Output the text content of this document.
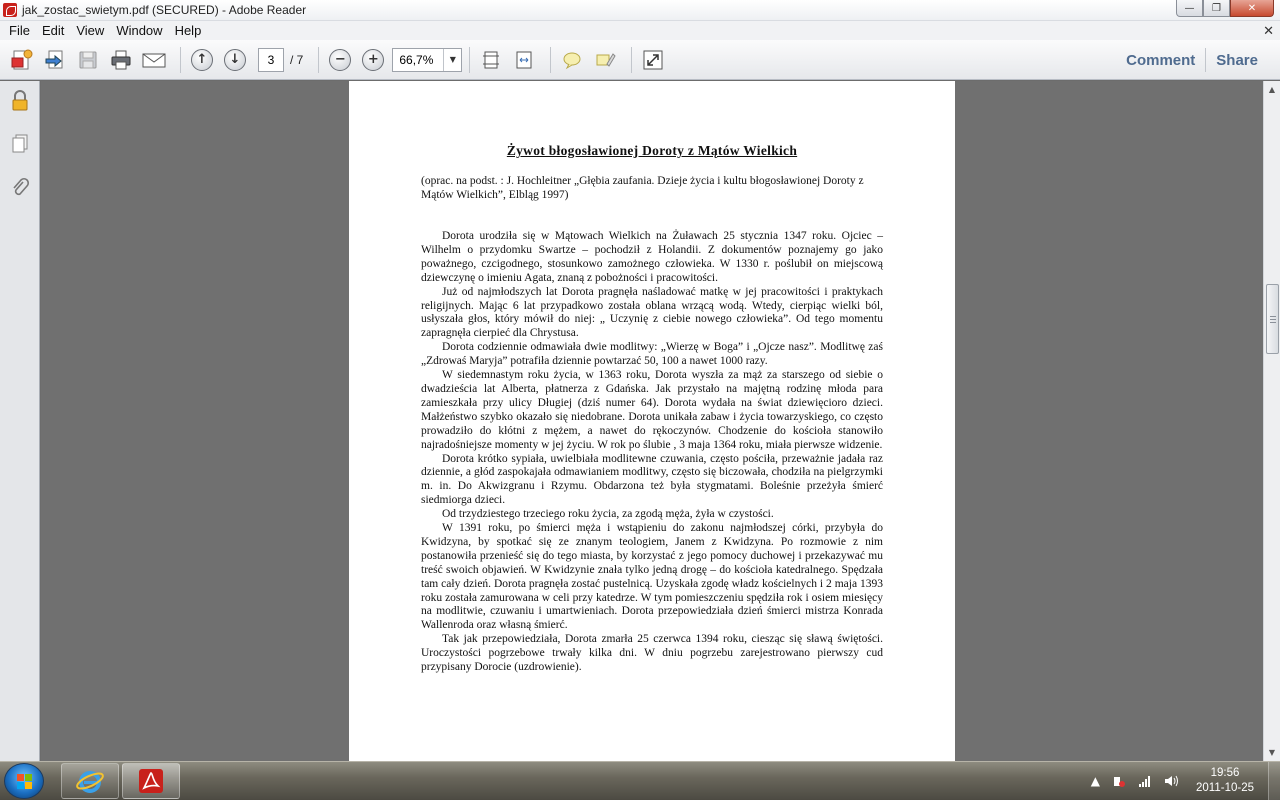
jak_zostac_swietym.pdf (SECURED) - Adobe Reader	—	❐	✕
File Edit View Window Help	✕
↑	↓	3	/ 7	−	+	66,7%	▼	Comment	Share
Żywot błogosławionej Doroty z Mątów Wielkich
(oprac. na podst. : J. Hochleitner „Głębia zaufania. Dzieje życia i kultu błogosławionej Doroty z Mątów Wielkich”, Elbląg 1997)

Dorota urodziła się w Mątowach Wielkich na Żuławach 25 stycznia 1347 roku. Ojciec – Wilhelm o przydomku Swartze – pochodził z Holandii. Z dokumentów poznajemy go jako poważnego, czcigodnego, stosunkowo zamożnego człowieka. W 1330 r. poślubił on miejscową dziewczynę o imieniu Agata, znaną z pobożności i pracowitości.

Już od najmłodszych lat Dorota pragnęła naśladować matkę w jej pracowitości i praktykach religijnych. Mając 6 lat przypadkowo została oblana wrzącą wodą. Wtedy, cierpiąc wielki ból, usłyszała głos, który mówił do niej: „ Uczynię z ciebie nowego człowieka”. Od tego momentu zapragnęła cierpieć dla Chrystusa.

Dorota codziennie odmawiała dwie modlitwy: „Wierzę w Boga” i „Ojcze nasz”. Modlitwę zaś „Zdrowaś Maryja” potrafiła dziennie powtarzać 50, 100 a nawet 1000 razy.

W siedemnastym roku życia, w 1363 roku, Dorota wyszła za mąż za starszego od siebie o dwadzieścia lat Alberta, płatnerza z Gdańska. Jak przystało na majętną rodzinę młoda para zamieszkała przy ulicy Długiej (dziś numer 64). Dorota wydała na świat dziewięcioro dzieci. Małżeństwo szybko okazało się niedobrane. Dorota unikała zabaw i życia towarzyskiego, co często prowadziło do kłótni z mężem, a nawet do rękoczynów. Chodzenie do kościoła stanowiło najradośniejsze momenty w jej życiu. W rok po ślubie , 3 maja 1364 roku, miała pierwsze widzenie.

Dorota krótko sypiała, uwielbiała modlitewne czuwania, często pościła, przeważnie jadała raz dziennie, a głód zaspokajała odmawianiem modlitwy, często się biczowała, chodziła na pielgrzymki m. in. Do Akwizgranu i Rzymu. Obdarzona też była stygmatami. Boleśnie przeżyła śmierć siedmiorga dzieci.

Od trzydziestego trzeciego roku życia, za zgodą męża, żyła w czystości.

W 1391 roku, po śmierci męża i wstąpieniu do zakonu najmłodszej córki, przybyła do Kwidzyna, by spotkać się ze znanym teologiem, Janem z Kwidzyna. Po rozmowie z nim postanowiła przenieść się do tego miasta, by korzystać z jego pomocy duchowej i przekazywać mu treść swoich objawień. W Kwidzynie znała tylko jedną drogę – do kościoła katedralnego. Spędzała tam cały dzień. Dorota pragnęła zostać pustelnicą. Uzyskała zgodę władz kościelnych i 2 maja 1393 roku została zamurowana w celi przy katedrze. W tym pomieszczeniu spędziła rok i osiem miesięcy na modlitwie, czuwaniu i umartwieniach. Dorota przepowiedziała dzień śmierci mistrza Konrada Wallenroda oraz własną śmierć.

Tak jak przepowiedziała, Dorota zmarła 25 czerwca 1394 roku, ciesząc się sławą świętości. Uroczystości pogrzebowe trwały kilka dni. W dniu pogrzebu zarejestrowano pierwszy cud przypisany Dorocie (uzdrowienie).

▲
▼
▲
19:56
2011-10-25
